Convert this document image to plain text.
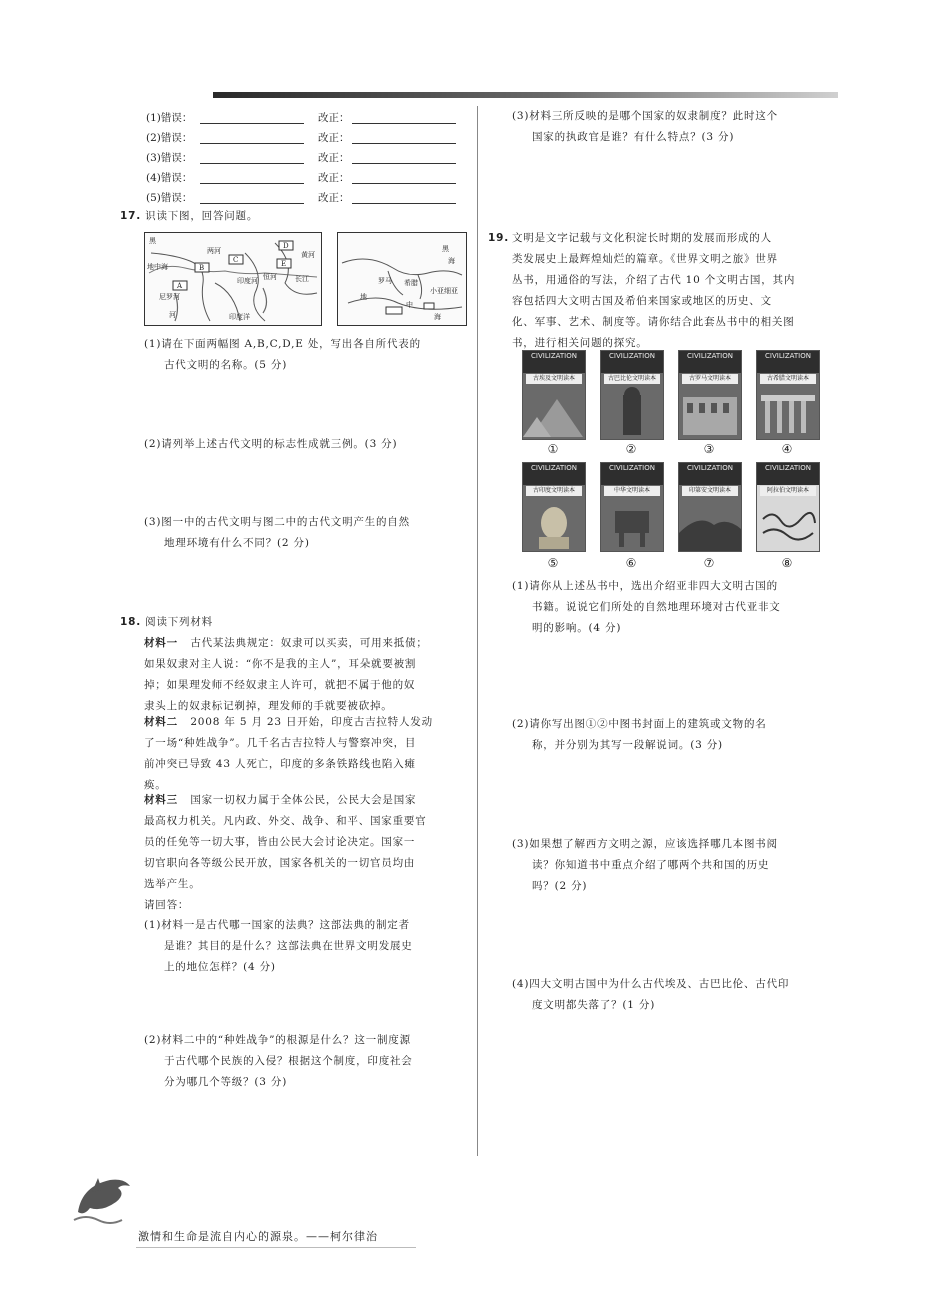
(1)错误：	改正：
(2)错误：	改正：
(3)错误：	改正：
(4)错误：	改正：
(5)错误：	改正：
17. 识读下图，回答问题。
黑
地中海
两河
A
B
C
D
E
尼罗河
印度河 恒河	长江
黄河
印度洋
河
黑
海
小亚细亚
地
中
海
罗马 希腊
(1)请在下面两幅图 A,B,C,D,E 处，写出各自所代表的
古代文明的名称。(5 分)
(2)请列举上述古代文明的标志性成就三例。(3 分)
(3)图一中的古代文明与图二中的古代文明产生的自然
地理环境有什么不同？(2 分)
18. 阅读下列材料
材料一 古代某法典规定：奴隶可以买卖，可用来抵债；
如果奴隶对主人说：“你不是我的主人”，耳朵就要被割
掉；如果理发师不经奴隶主人许可，就把不属于他的奴
隶头上的奴隶标记剃掉，理发师的手就要被砍掉。
材料二 2008 年 5 月 23 日开始，印度古吉拉特人发动
了一场“种姓战争”。几千名古吉拉特人与警察冲突，目
前冲突已导致 43 人死亡，印度的多条铁路线也陷入瘫
痪。
材料三 国家一切权力属于全体公民，公民大会是国家
最高权力机关。凡内政、外交、战争、和平、国家重要官
员的任免等一切大事，皆由公民大会讨论决定。国家一
切官职向各等级公民开放，国家各机关的一切官员均由
选举产生。
请回答：
(1)材料一是古代哪一国家的法典？这部法典的制定者
是谁？其目的是什么？这部法典在世界文明发展史
上的地位怎样？(4 分)
(2)材料二中的“种姓战争”的根源是什么？这一制度源
于古代哪个民族的入侵？根据这个制度，印度社会
分为哪几个等级？(3 分)
(3)材料三所反映的是哪个国家的奴隶制度？此时这个
国家的执政官是谁？有什么特点？(3 分)
19. 文明是文字记载与文化积淀长时期的发展而形成的人
类发展史上最辉煌灿烂的篇章。《世界文明之旅》世界
丛书，用通俗的写法，介绍了古代 10 个文明古国，其内
容包括四大文明古国及希伯来国家或地区的历史、文
化、军事、艺术、制度等。请你结合此套丛书中的相关图
书，进行相关问题的探究。
CIVILIZATION
古埃及文明读本
①
CIVILIZATION
古巴比伦文明读本
②
CIVILIZATION
古罗马文明读本
③
CIVILIZATION
古希腊文明读本
④
CIVILIZATION
古印度文明读本
⑤
CIVILIZATION
中华文明读本
⑥
CIVILIZATION
印第安文明读本
⑦
CIVILIZATION
阿拉伯文明读本
⑧
(1)请你从上述丛书中，选出介绍亚非四大文明古国的
书籍。说说它们所处的自然地理环境对古代亚非文
明的影响。(4 分)
(2)请你写出图①②中图书封面上的建筑或文物的名
称，并分别为其写一段解说词。(3 分)
(3)如果想了解西方文明之源，应该选择哪几本图书阅
读？你知道书中重点介绍了哪两个共和国的历史
吗？(2 分)
(4)四大文明古国中为什么古代埃及、古巴比伦、古代印
度文明都失落了？(1 分)
激情和生命是流自内心的源泉。——柯尔律治
